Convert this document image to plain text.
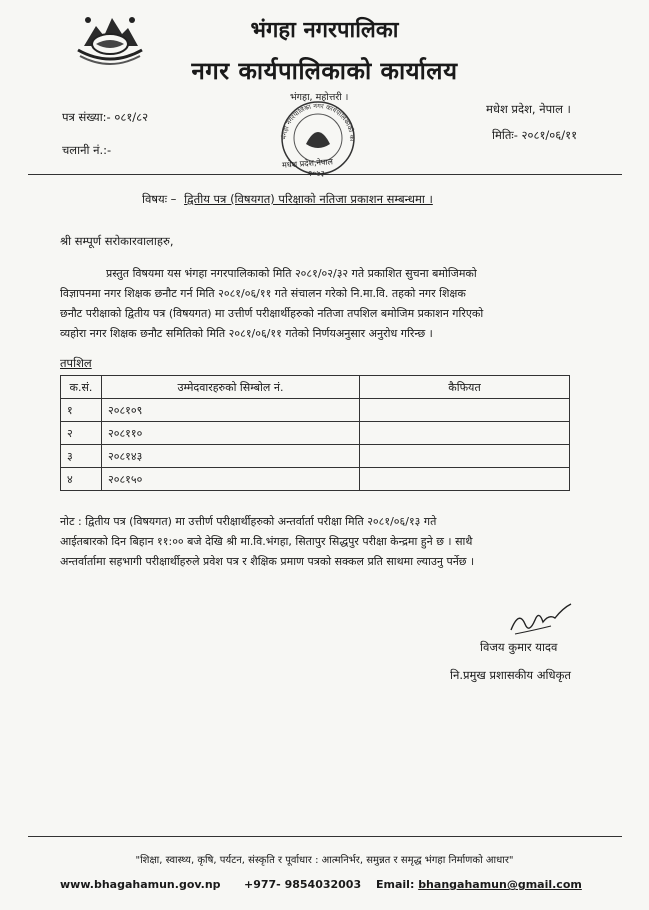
भंगहा नगरपालिका
नगर कार्यपालिकाको कार्यालय
पत्र संख्या:- ०८१/८२
चलानी नं.:-
मधेश प्रदेश, नेपाल ।
मितिः- २०८१/०६/११
भंगहा नगरपालिका नगर कार्यपालिकाको का
भंगहा, महोत्तरी ।
मधेश प्रदेश,नेपाल
२०७३
विषयः – द्वितीय पत्र (विषयगत) परिक्षाको नतिजा प्रकाशन सम्बन्धमा ।
श्री सम्पूर्ण सरोकारवालाहरु,
प्रस्तुत विषयमा यस भंगहा नगरपालिकाको मिति २०८१/०२/३२ गते प्रकाशित सुचना बमोजिमको
विज्ञापनमा नगर शिक्षक छनौट गर्न मिति २०८१/०६/११ गते संचालन गरेको नि.मा.वि. तहको नगर शिक्षक
छनौट परीक्षाको द्वितीय पत्र (विषयगत) मा उत्तीर्ण परीक्षार्थीहरुको नतिजा तपशिल बमोजिम प्रकाशन गरिएको
व्यहोरा नगर शिक्षक छनौट समितिको मिति २०८१/०६/११ गतेको निर्णयअनुसार अनुरोध गरिन्छ ।
तपशिल
क.सं.	उम्मेदवारहरुको सिम्बोल नं.	कैफियत
१	२०८१०९	
२	२०८११०	
३	२०८१४३	
४	२०८१५०	
नोट : द्वितीय पत्र (विषयगत) मा उत्तीर्ण परीक्षार्थीहरुको अन्तर्वार्ता परीक्षा मिति २०८१/०६/१३ गते
आईतबारको दिन बिहान ११:०० बजे देखि श्री मा.वि.भंगहा, सितापुर सिद्धपुर परीक्षा केन्द्रमा हुने छ । साथै
अन्तर्वार्तामा सहभागी परीक्षार्थीहरुले प्रवेश पत्र र शैक्षिक प्रमाण पत्रको सक्कल प्रति साथमा ल्याउनु पर्नेछ ।
विजय कुमार यादव
नि.प्रमुख प्रशासकीय अधिकृत
"शिक्षा, स्वास्थ्य, कृषि, पर्यटन, संस्कृति र पूर्वाधार : आत्मनिर्भर, समुन्नत र समृद्ध भंगहा निर्माणको आधार"
www.bhagahamun.gov.np +977- 9854032003 Email: bhangahamun@gmail.com
